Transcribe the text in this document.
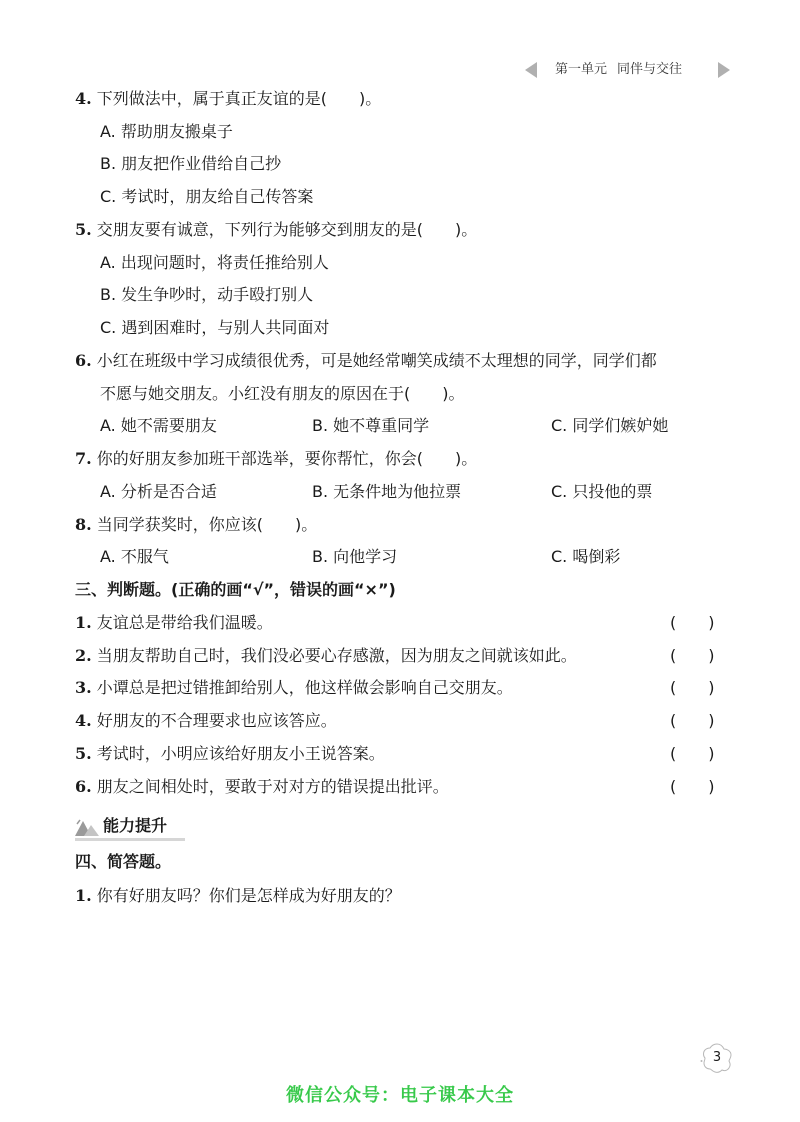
第一单元 同伴与交往
4. 下列做法中，属于真正友谊的是(　　)。
A. 帮助朋友搬桌子
B. 朋友把作业借给自己抄
C. 考试时，朋友给自己传答案
5. 交朋友要有诚意，下列行为能够交到朋友的是(　　)。
A. 出现问题时，将责任推给别人
B. 发生争吵时，动手殴打别人
C. 遇到困难时，与别人共同面对
6. 小红在班级中学习成绩很优秀，可是她经常嘲笑成绩不太理想的同学，同学们都
不愿与她交朋友。小红没有朋友的原因在于(　　)。
A. 她不需要朋友	B. 她不尊重同学	C. 同学们嫉妒她
7. 你的好朋友参加班干部选举，要你帮忙，你会(　　)。
A. 分析是否合适	B. 无条件地为他拉票	C. 只投他的票
8. 当同学获奖时，你应该(　　)。
A. 不服气	B. 向他学习	C. 喝倒彩
三、判断题。(正确的画“√”，错误的画“×”)
1. 友谊总是带给我们温暖。	(　　)
2. 当朋友帮助自己时，我们没必要心存感激，因为朋友之间就该如此。	(　　)
3. 小谭总是把过错推卸给别人，他这样做会影响自己交朋友。	(　　)
4. 好朋友的不合理要求也应该答应。	(　　)
5. 考试时，小明应该给好朋友小王说答案。	(　　)
6. 朋友之间相处时，要敢于对对方的错误提出批评。	(　　)
能力提升
四、简答题。
1. 你有好朋友吗？你们是怎样成为好朋友的？
3
微信公众号：电子课本大全
